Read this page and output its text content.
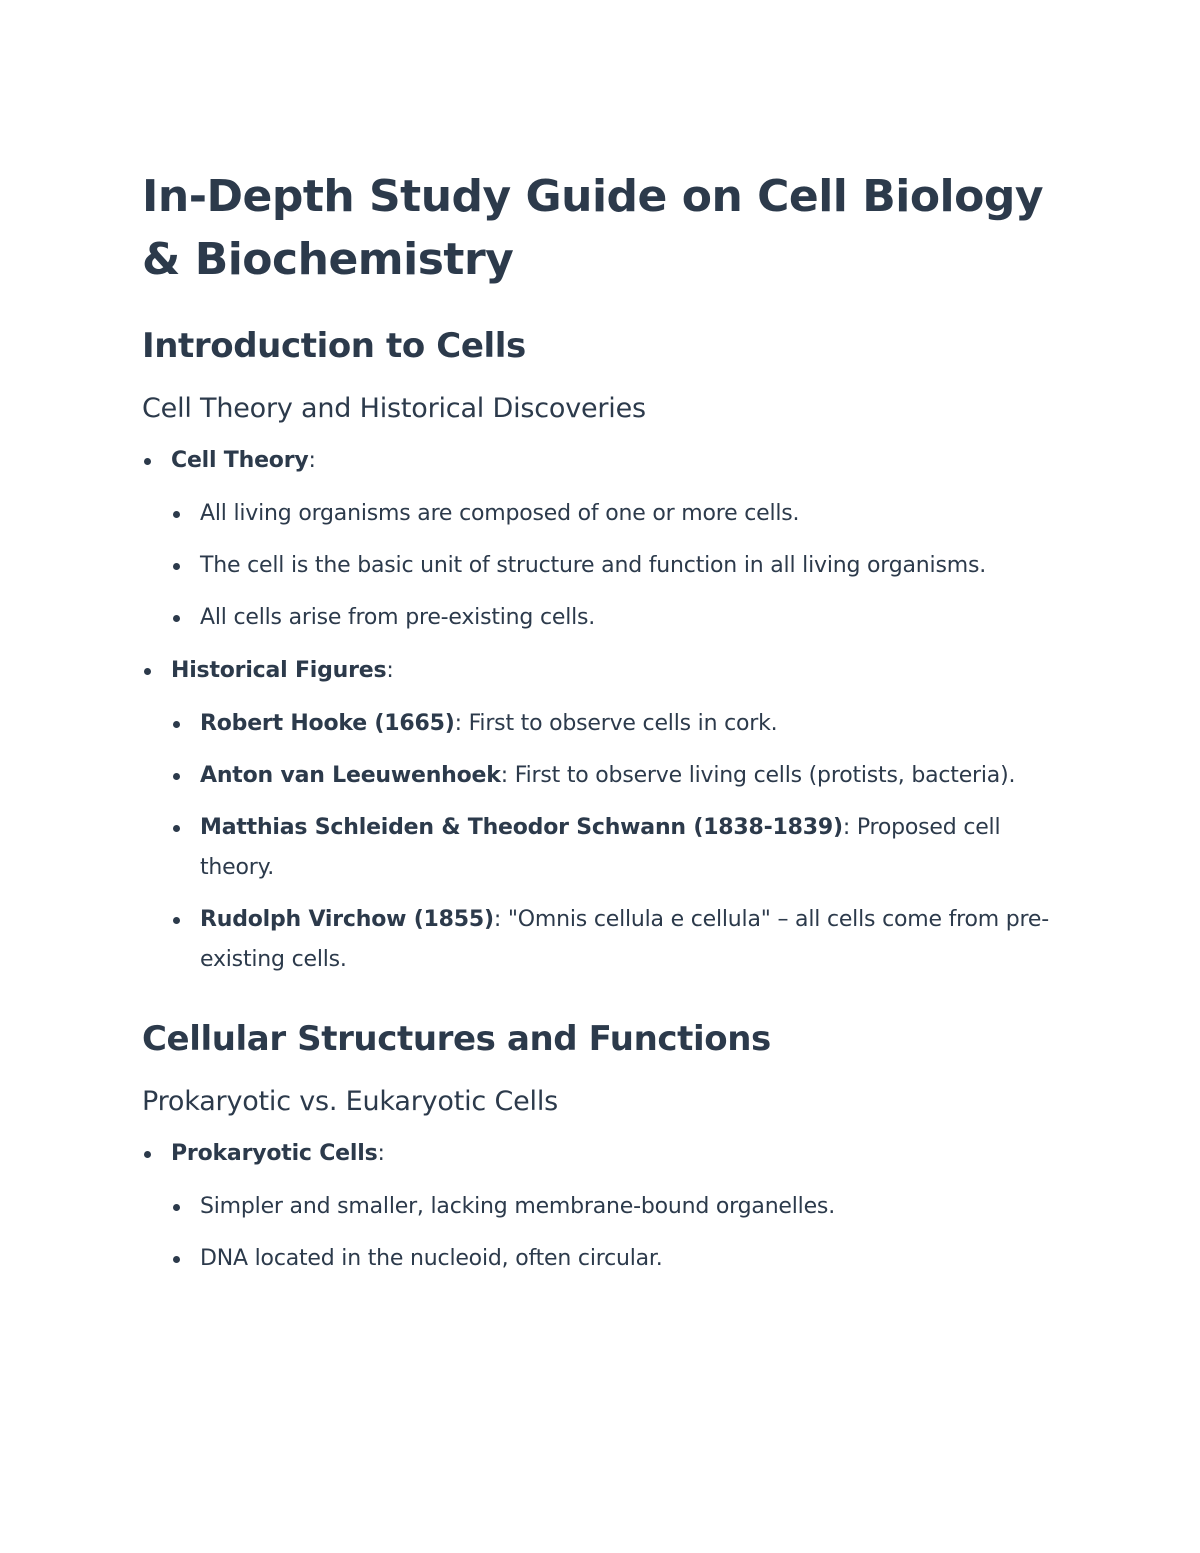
In-Depth Study Guide on Cell Biology & Biochemistry
Introduction to Cells
Cell Theory and Historical Discoveries
Cell Theory:
All living organisms are composed of one or more cells.
The cell is the basic unit of structure and function in all living organisms.
All cells arise from pre-existing cells.
Historical Figures:
Robert Hooke (1665): First to observe cells in cork.
Anton van Leeuwenhoek: First to observe living cells (protists, bacteria).
Matthias Schleiden & Theodor Schwann (1838-1839): Proposed cell theory.
Rudolph Virchow (1855): "Omnis cellula e cellula" – all cells come from pre-existing cells.
Cellular Structures and Functions
Prokaryotic vs. Eukaryotic Cells
Prokaryotic Cells:
Simpler and smaller, lacking membrane-bound organelles.
DNA located in the nucleoid, often circular.
